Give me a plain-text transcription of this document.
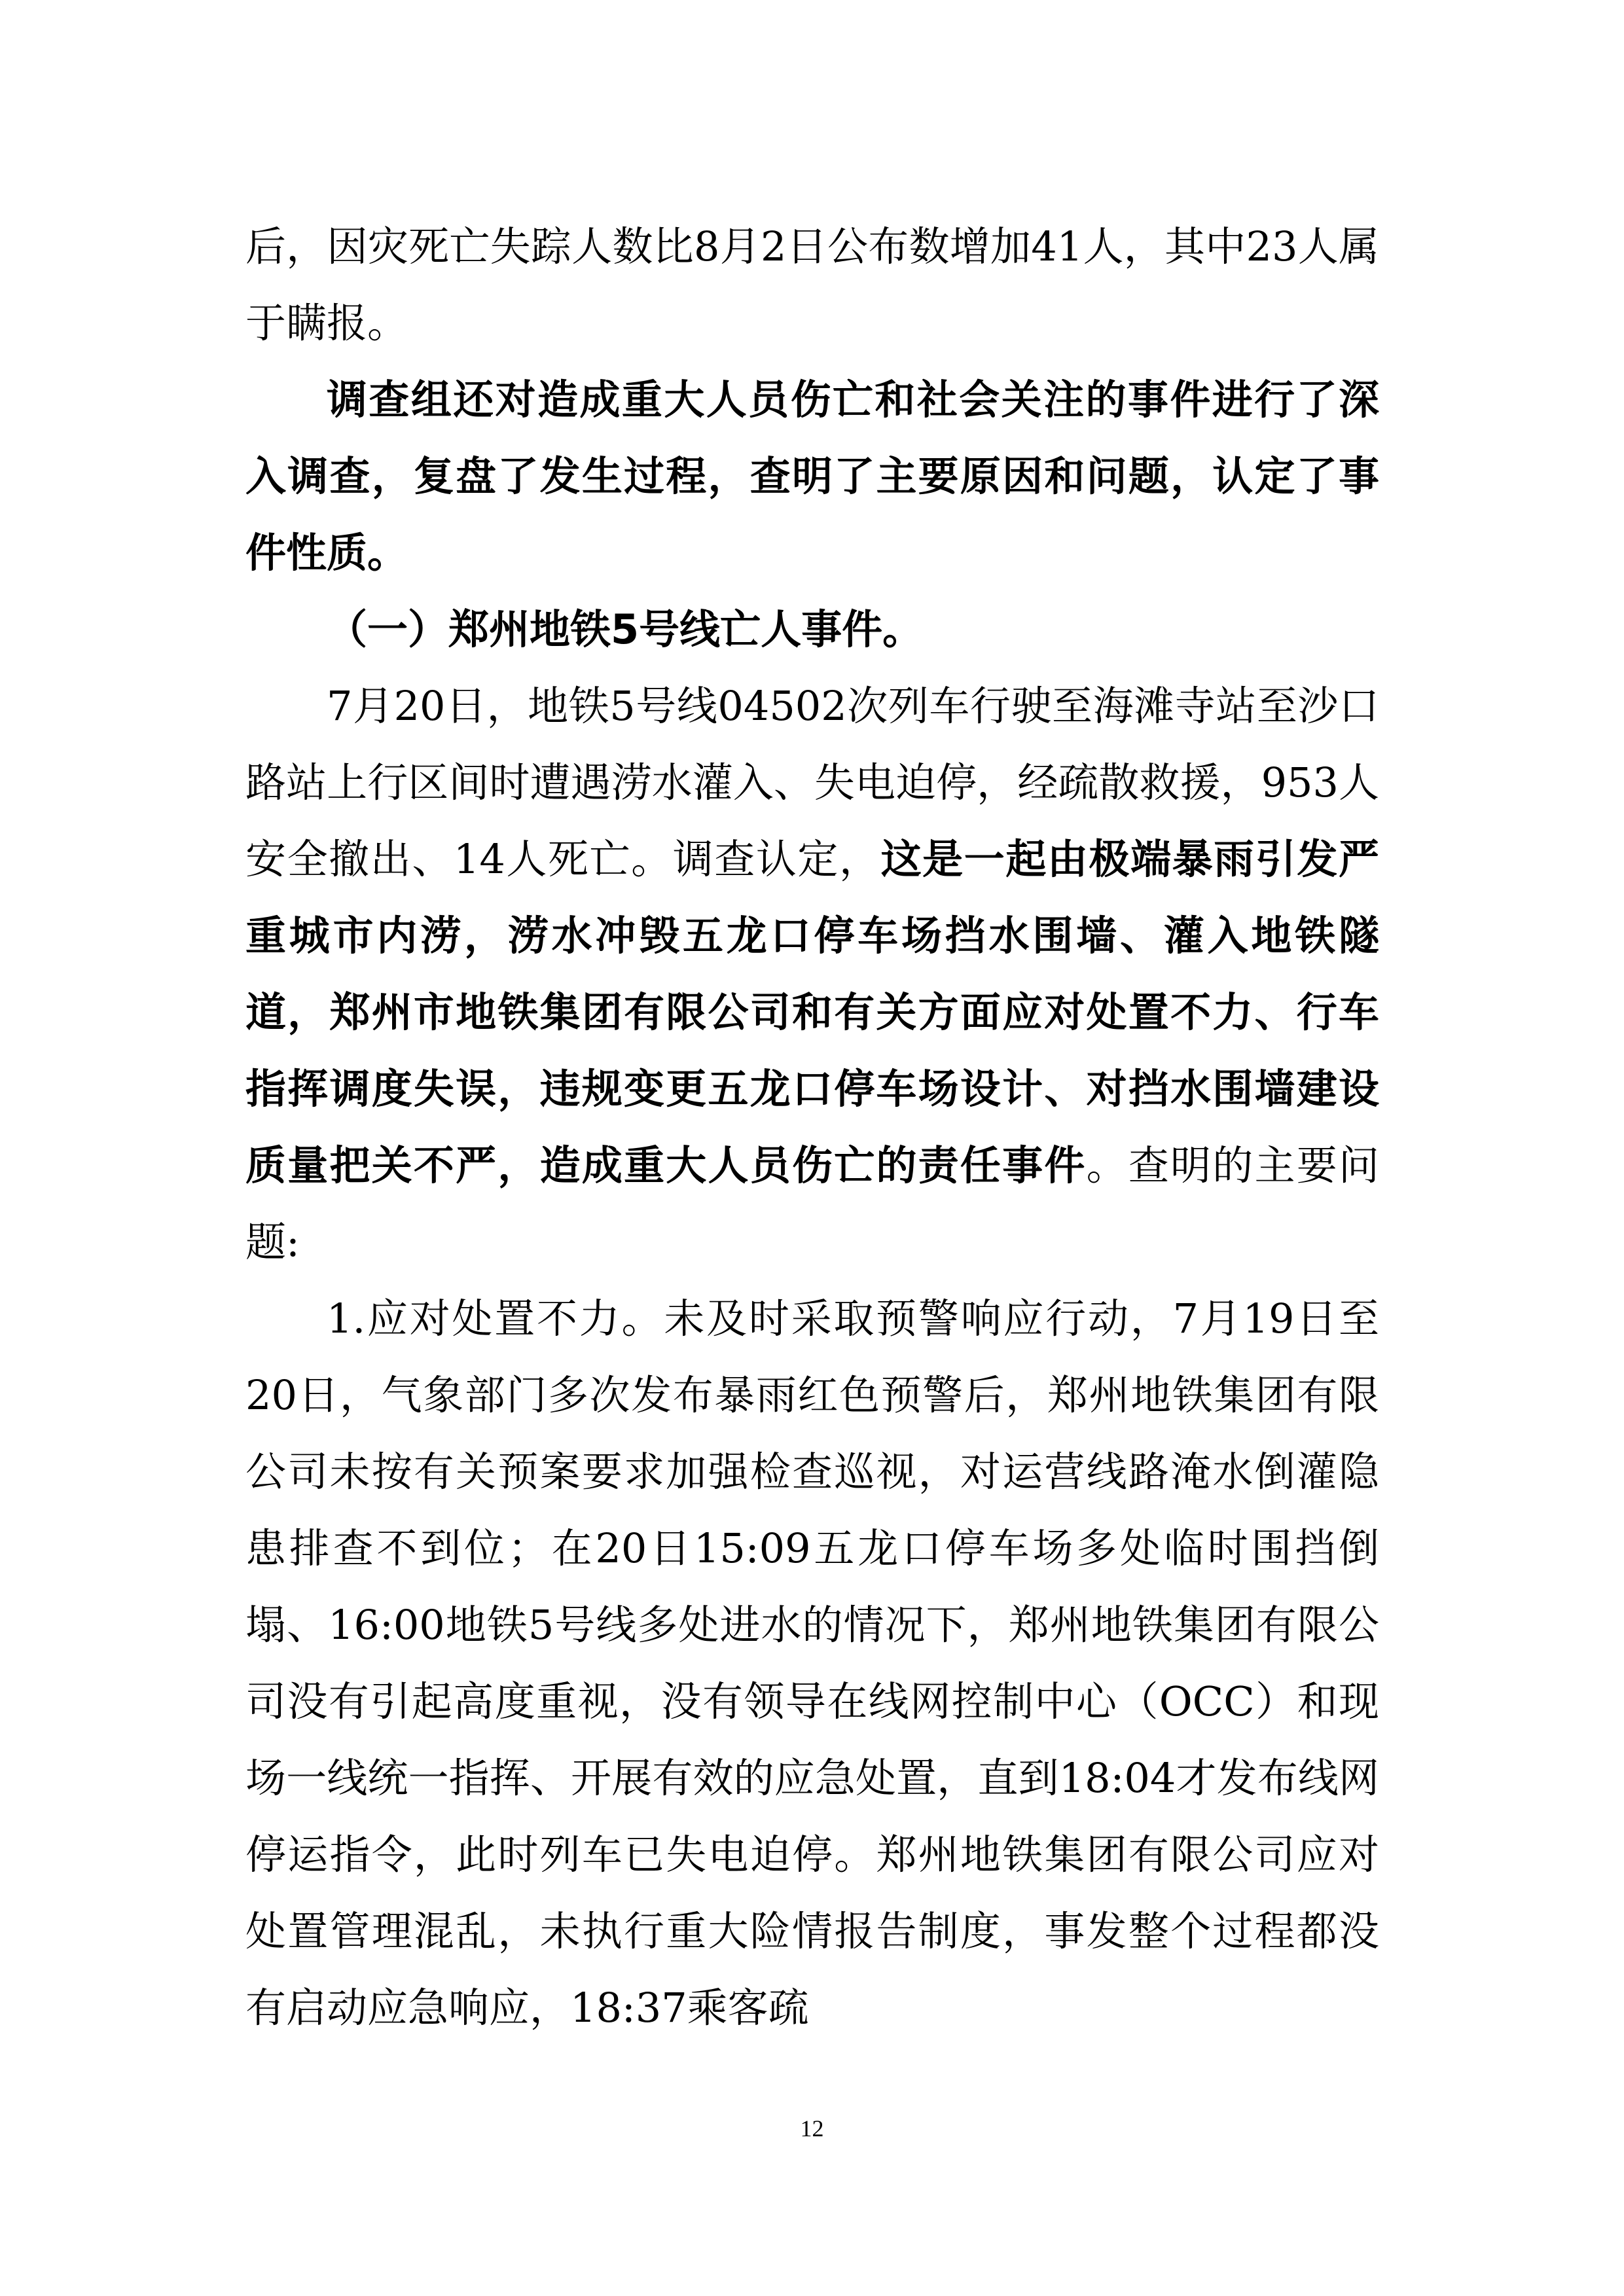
后，因灾死亡失踪人数比8月2日公布数增加41人，其中23人属于瞒报。

调查组还对造成重大人员伤亡和社会关注的事件进行了深入调查，复盘了发生过程，查明了主要原因和问题，认定了事件性质。

（一）郑州地铁5号线亡人事件。

7月20日，地铁5号线04502次列车行驶至海滩寺站至沙口路站上行区间时遭遇涝水灌入、失电迫停，经疏散救援，953人安全撤出、14人死亡。调查认定，这是一起由极端暴雨引发严重城市内涝，涝水冲毁五龙口停车场挡水围墙、灌入地铁隧道，郑州市地铁集团有限公司和有关方面应对处置不力、行车指挥调度失误，违规变更五龙口停车场设计、对挡水围墙建设质量把关不严，造成重大人员伤亡的责任事件。查明的主要问题:

1.应对处置不力。未及时采取预警响应行动，7月19日至20日，气象部门多次发布暴雨红色预警后，郑州地铁集团有限公司未按有关预案要求加强检查巡视，对运营线路淹水倒灌隐患排查不到位；在20日15:09五龙口停车场多处临时围挡倒塌、16:00地铁5号线多处进水的情况下，郑州地铁集团有限公司没有引起高度重视，没有领导在线网控制中心（OCC）和现场一线统一指挥、开展有效的应急处置，直到18:04才发布线网停运指令，此时列车已失电迫停。郑州地铁集团有限公司应对处置管理混乱，未执行重大险情报告制度，事发整个过程都没有启动应急响应，18:37乘客疏

12
